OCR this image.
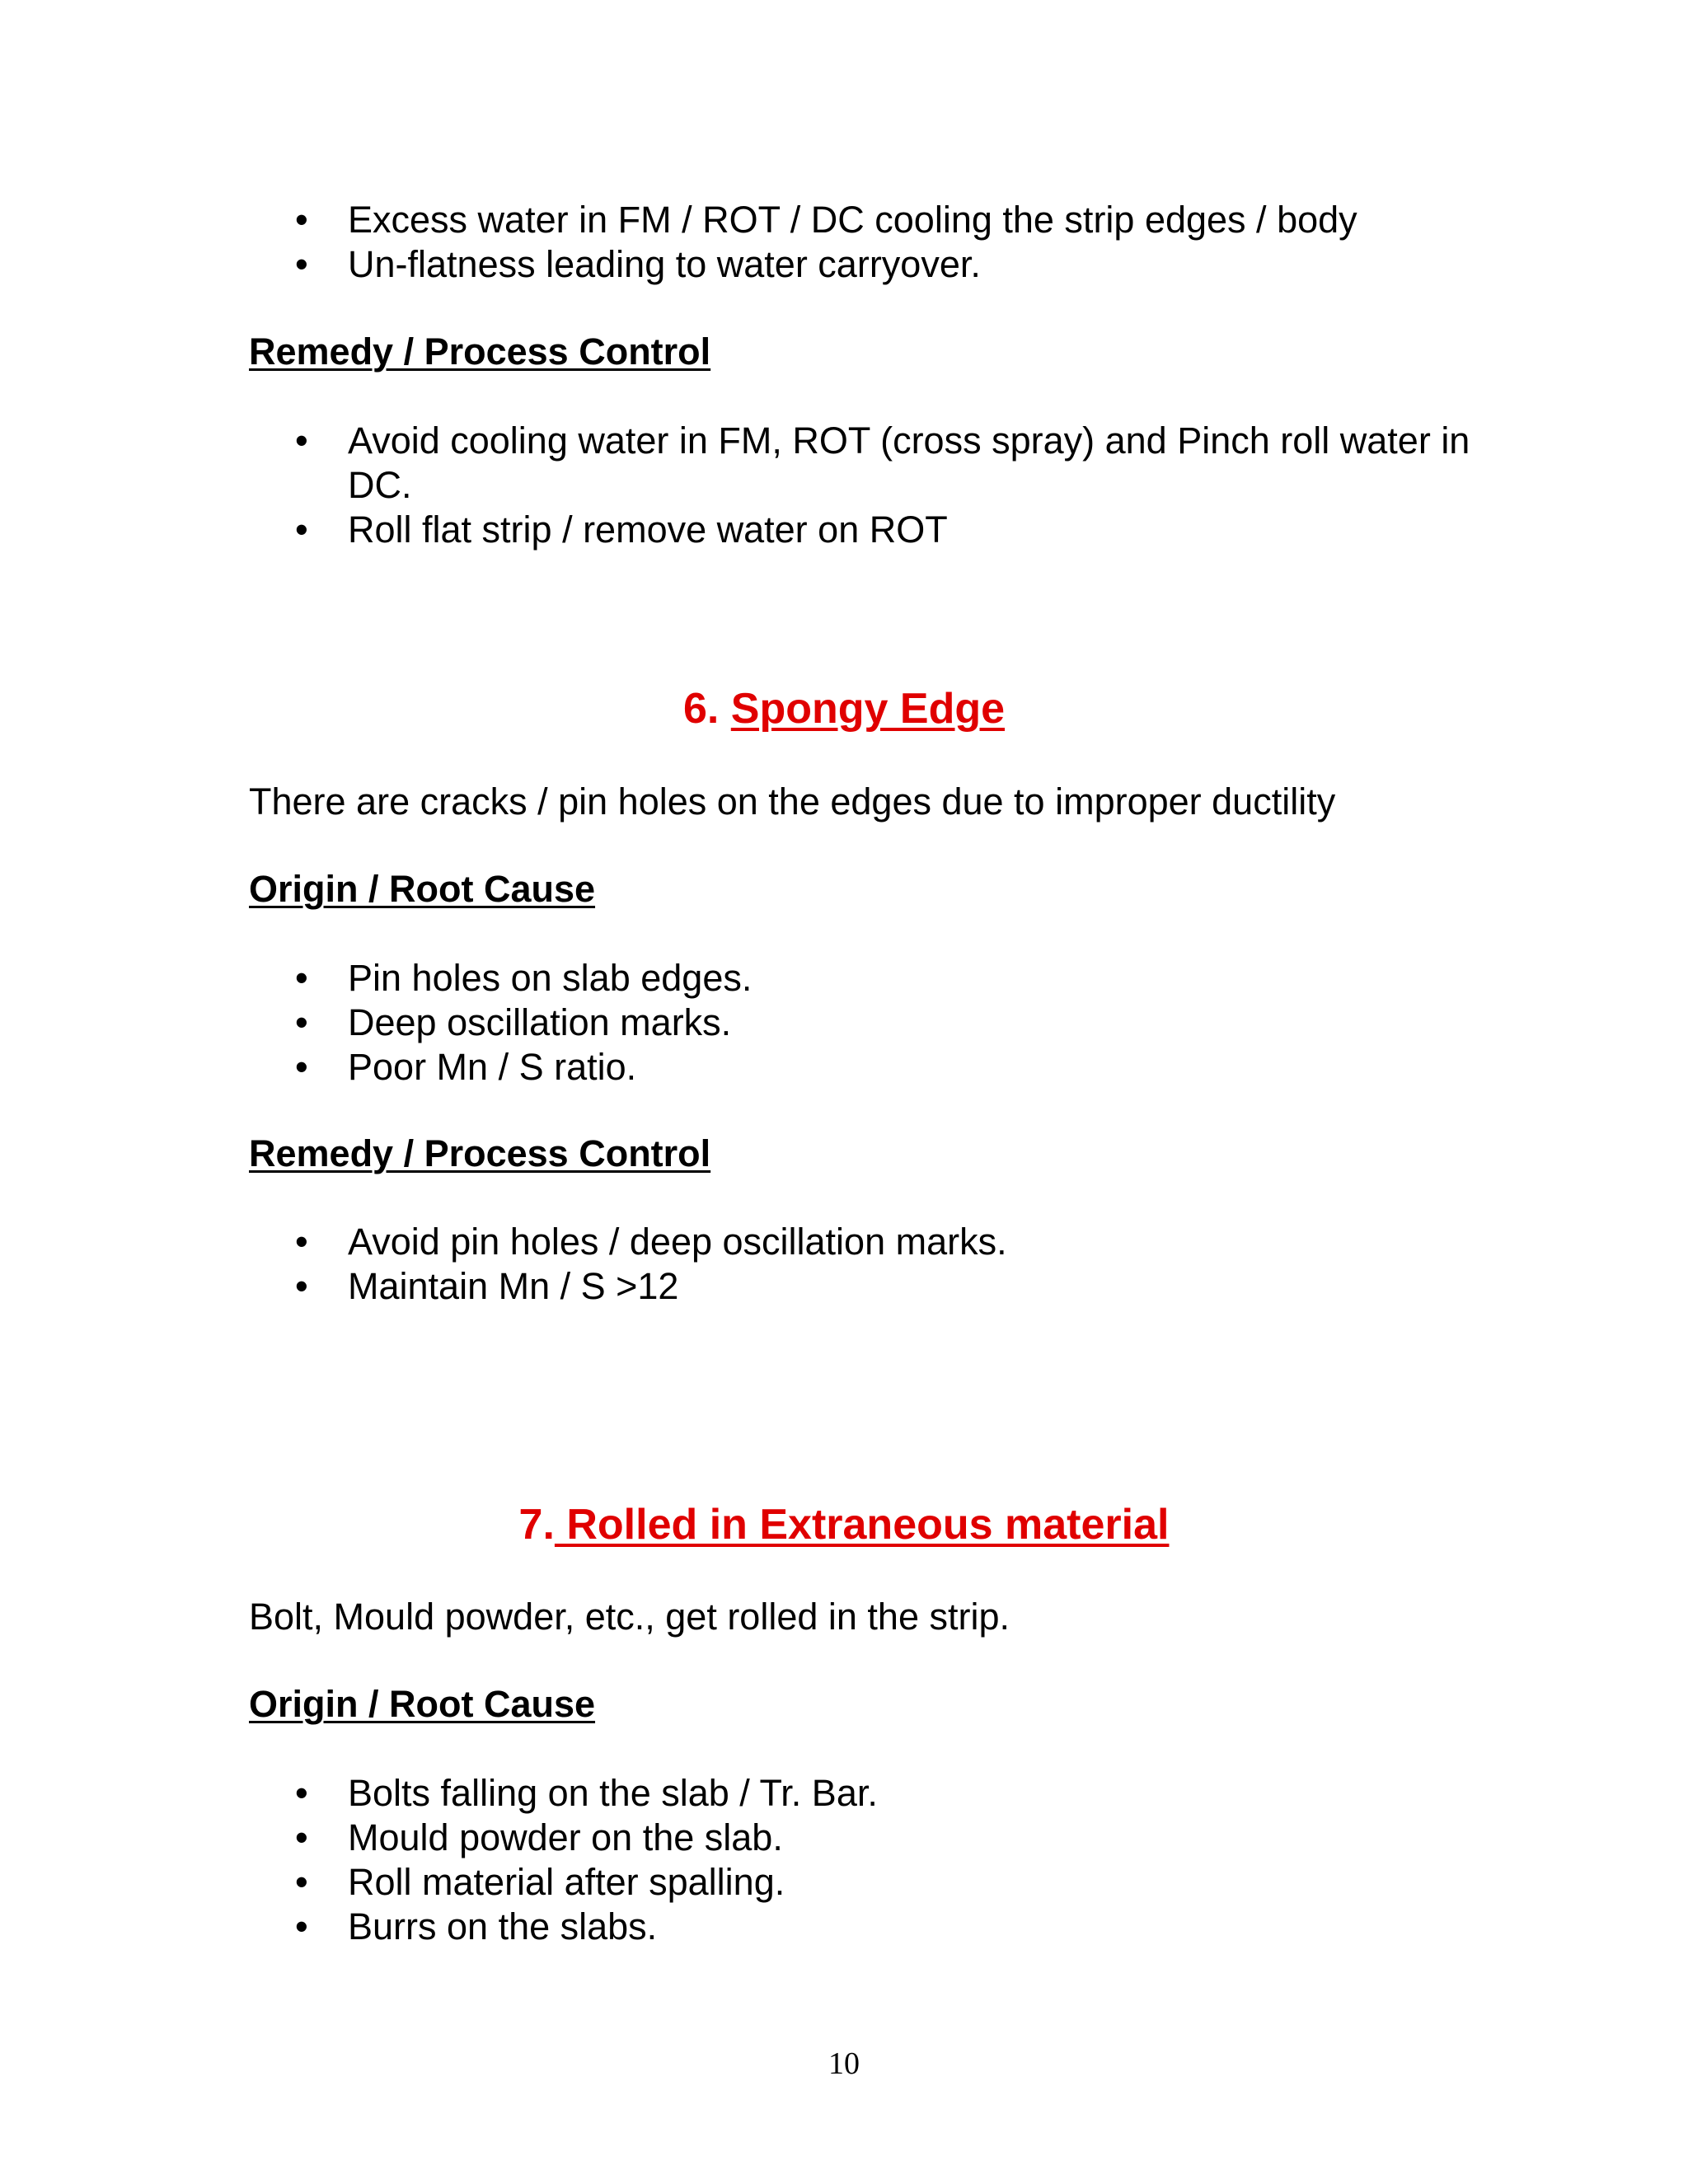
•	Excess water in FM / ROT / DC cooling the strip edges / body
•	Un-flatness leading to water carryover.

Remedy / Process Control

•	Avoid cooling water in FM, ROT (cross spray) and Pinch roll water in DC.
•	Roll flat strip / remove water on ROT
6. Spongy Edge

There are cracks / pin holes on the edges due to improper ductility

Origin / Root Cause

•	Pin holes on slab edges.
•	Deep oscillation marks.
•	Poor Mn / S ratio.

Remedy / Process Control

•	Avoid pin holes / deep oscillation marks.
•	Maintain Mn / S >12
7. Rolled in Extraneous material

Bolt, Mould powder, etc., get rolled in the strip.

Origin / Root Cause

•	Bolts falling on the slab / Tr. Bar.
•	Mould powder on the slab.
•	Roll material after spalling.
•	Burrs on the slabs.
10
